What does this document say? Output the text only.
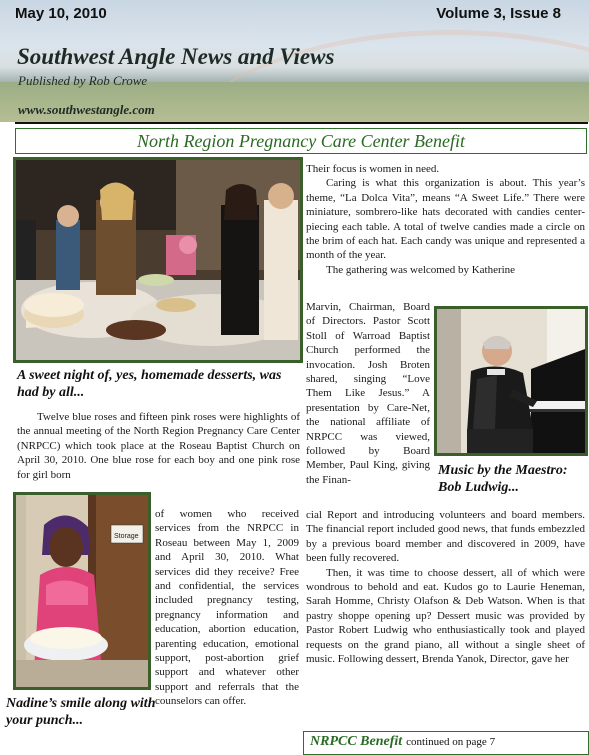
May 10, 2010	Volume 3, Issue 8
Southwest Angle News and Views
Published by Rob Crowe
www.southwestangle.com
North Region Pregnancy Care Center Benefit
A sweet night of, yes, homemade desserts, was had by all...

Twelve blue roses and fifteen pink roses were highlights of the annual meeting of the North Region Pregnancy Care Center (NRPCC) which took place at the Roseau Baptist Church on April 30, 2010. One blue rose for each boy and one pink rose for girl born

Storage
Nadine’s smile along with your punch...

of women who received services from the NRPCC in Roseau between May 1, 2009 and April 30, 2010. What services did they receive? Free and confidential, the services included pregnancy testing, pregnancy information and education, abortion education, parenting education, emotional support, post-abortion grief support and whatever other support and referrals that the counselors can offer.

Their focus is women in need.

Caring is what this organization is about. This year’s theme, “La Dolca Vita”, means “A Sweet Life.” There were miniature, sombrero-like hats decorated with candies center-piecing each table. A total of twelve candies made a circle on the brim of each hat. Each candy was unique and represented a month of the year.

The gathering was welcomed by Katherine

Marvin, Chairman, Board of Directors. Pastor Scott Stoll of Warroad Baptist Church performed the invocation. Josh Broten shared, singing “Love Them Like Jesus.” A presentation by Care-Net, the national affiliate of NRPCC was viewed, followed by Board Member, Paul King, giving the Finan-

Music by the Maestro: Bob Ludwig...

cial Report and introducing volunteers and board members. The financial report included good news, that funds embezzled by a previous board member and discovered in 2009, have been fully recovered.

Then, it was time to choose dessert, all of which were wondrous to behold and eat. Kudos go to Laurie Heneman, Sarah Homme, Christy Olafson & Deb Watson. When is that pastry shoppe opening up? Dessert music was provided by Pastor Robert Ludwig who enthusiastically took and played requests on the grand piano, all without a single sheet of music. Following dessert, Brenda Yanok, Director, gave her

NRPCC Benefit continued on page 7
